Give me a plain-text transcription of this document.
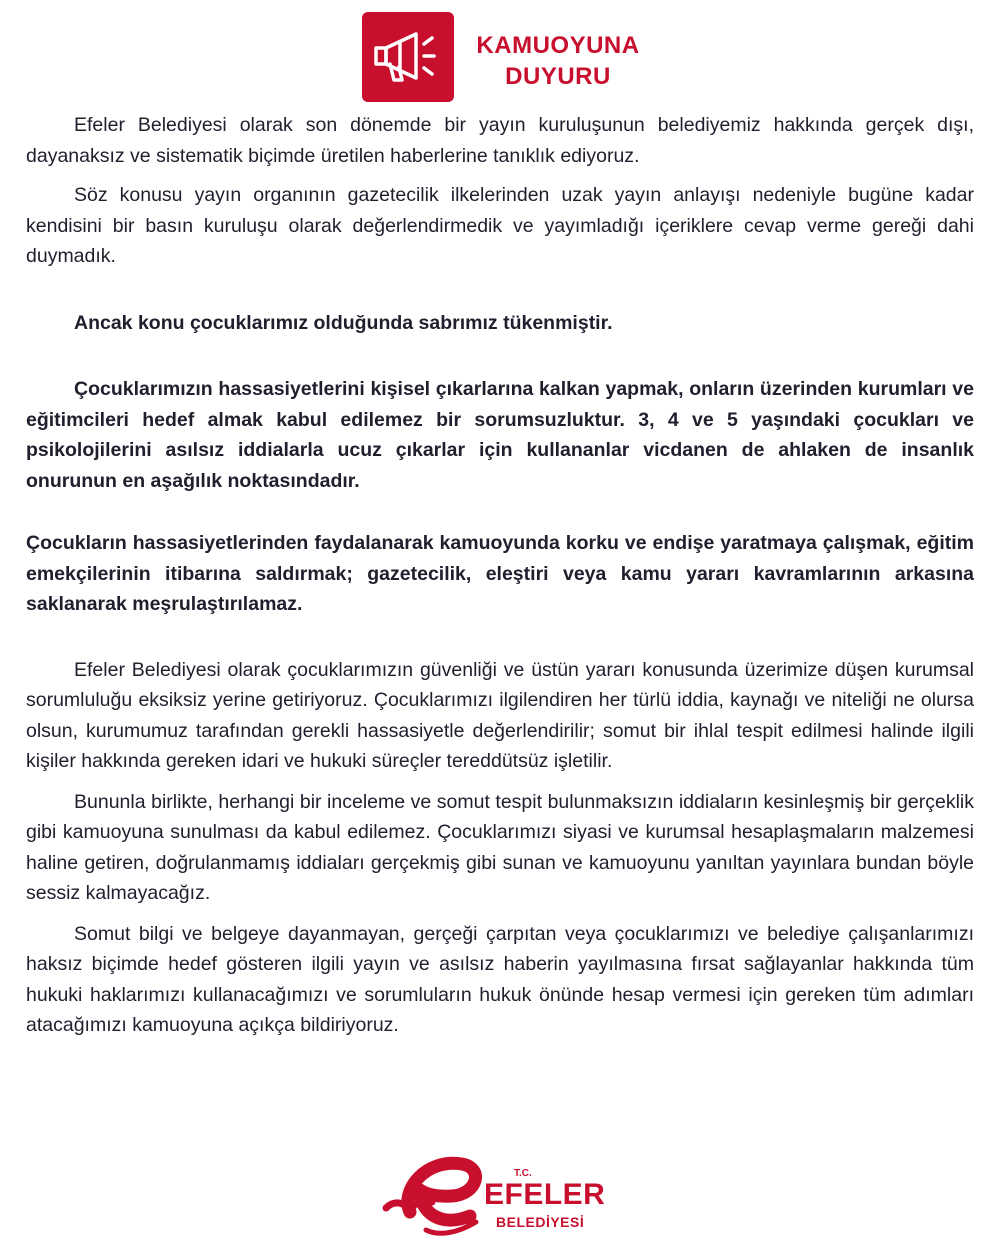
KAMUOYUNA
DUYURU

Efeler Belediyesi olarak son dönemde bir yayın kuruluşunun belediyemiz hakkında gerçek dışı, dayanaksız ve sistematik biçimde üretilen haberlerine tanıklık ediyoruz.

Söz konusu yayın organının gazetecilik ilkelerinden uzak yayın anlayışı nedeniyle bugüne kadar kendisini bir basın kuruluşu olarak değerlendirmedik ve yayımladığı içeriklere cevap verme gereği dahi duymadık.

Ancak konu çocuklarımız olduğunda sabrımız tükenmiştir.

Çocuklarımızın hassasiyetlerini kişisel çıkarlarına kalkan yapmak, onların üzerinden kurumları ve eğitimcileri hedef almak kabul edilemez bir sorumsuzluktur. 3, 4 ve 5 yaşındaki çocukları ve psikolojilerini asılsız iddialarla ucuz çıkarlar için kullananlar vicdanen de ahlaken de insanlık onurunun en aşağılık noktasındadır.

Çocukların hassasiyetlerinden faydalanarak kamuoyunda korku ve endişe yaratmaya çalışmak, eğitim emekçilerinin itibarına saldırmak; gazetecilik, eleştiri veya kamu yararı kavramlarının arkasına saklanarak meşrulaştırılamaz.

Efeler Belediyesi olarak çocuklarımızın güvenliği ve üstün yararı konusunda üzerimize düşen kurumsal sorumluluğu eksiksiz yerine getiriyoruz. Çocuklarımızı ilgilendiren her türlü iddia, kaynağı ve niteliği ne olursa olsun, kurumumuz tarafından gerekli hassasiyetle değerlendirilir; somut bir ihlal tespit edilmesi halinde ilgili kişiler hakkında gereken idari ve hukuki süreçler tereddütsüz işletilir.

Bununla birlikte, herhangi bir inceleme ve somut tespit bulunmaksızın iddiaların kesinleşmiş bir gerçeklik gibi kamuoyuna sunulması da kabul edilemez. Çocuklarımızı siyasi ve kurumsal hesaplaşmaların malzemesi haline getiren, doğrulanmamış iddiaları gerçekmiş gibi sunan ve kamuoyunu yanıltan yayınlara bundan böyle sessiz kalmayacağız.

Somut bilgi ve belgeye dayanmayan, gerçeği çarpıtan veya çocuklarımızı ve belediye çalışanlarımızı haksız biçimde hedef gösteren ilgili yayın ve asılsız haberin yayılmasına fırsat sağlayanlar hakkında tüm hukuki haklarımızı kullanacağımızı ve sorumluların hukuk önünde hesap vermesi için gereken tüm adımları atacağımızı kamuoyuna açıkça bildiriyoruz.

T.C.
EFELER
BELEDİYESİ
